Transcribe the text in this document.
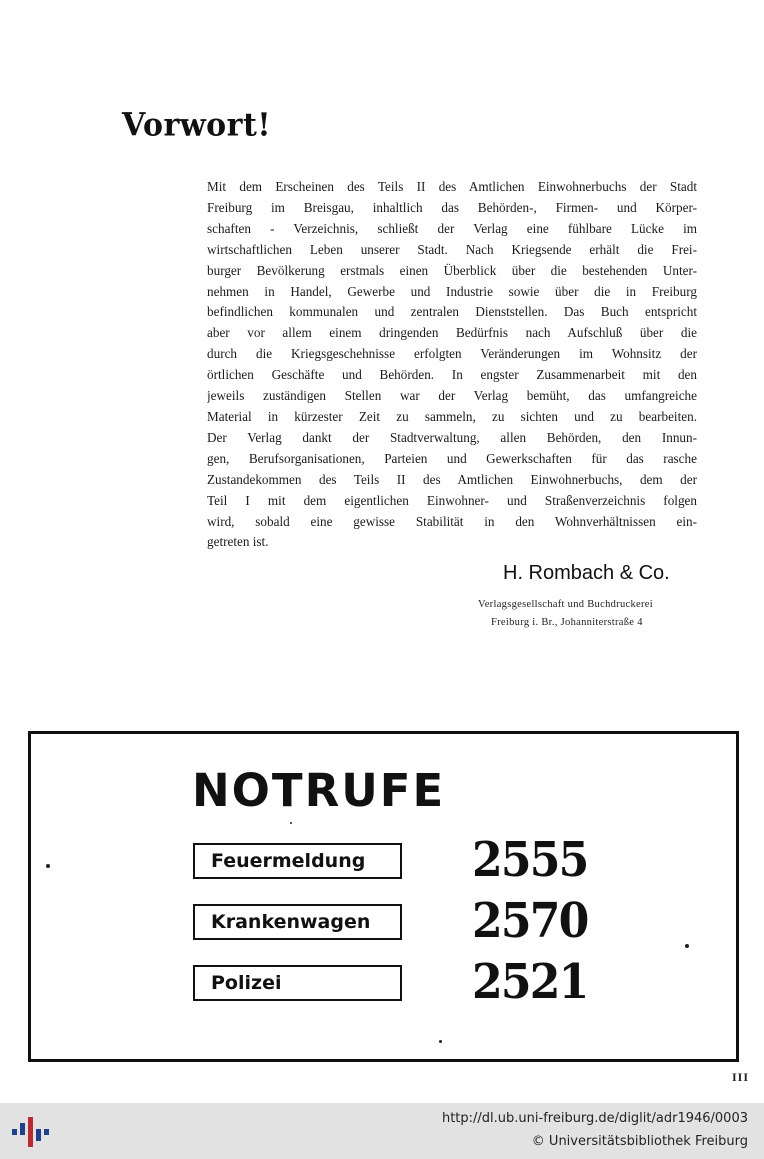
Vorwort!
Mit dem Erscheinen des Teils II des Amtlichen Einwohnerbuchs der Stadt
Freiburg im Breisgau, inhaltlich das Behörden-, Firmen- und Körper-
schaften - Verzeichnis, schließt der Verlag eine fühlbare Lücke im
wirtschaftlichen Leben unserer Stadt. Nach Kriegsende erhält die Frei-
burger Bevölkerung erstmals einen Überblick über die bestehenden Unter-
nehmen in Handel, Gewerbe und Industrie sowie über die in Freiburg
befindlichen kommunalen und zentralen Dienststellen. Das Buch entspricht
aber vor allem einem dringenden Bedürfnis nach Aufschluß über die
durch die Kriegsgeschehnisse erfolgten Veränderungen im Wohnsitz der
örtlichen Geschäfte und Behörden. In engster Zusammenarbeit mit den
jeweils zuständigen Stellen war der Verlag bemüht, das umfangreiche
Material in kürzester Zeit zu sammeln, zu sichten und zu bearbeiten.
Der Verlag dankt der Stadtverwaltung, allen Behörden, den Innun-
gen, Berufsorganisationen, Parteien und Gewerkschaften für das rasche
Zustandekommen des Teils II des Amtlichen Einwohnerbuchs, dem der
Teil I mit dem eigentlichen Einwohner- und Straßenverzeichnis folgen
wird, sobald eine gewisse Stabilität in den Wohnverhältnissen ein-
getreten ist.
H. Rombach & Co.
Verlagsgesellschaft und Buchdruckerei
Freiburg i. Br., Johanniterstraße 4
NOTRUFE
Feuermeldung	2555
Krankenwagen	2570
Polizei	2521
III
http://dl.ub.uni-freiburg.de/diglit/adr1946/0003
© Universitätsbibliothek Freiburg
